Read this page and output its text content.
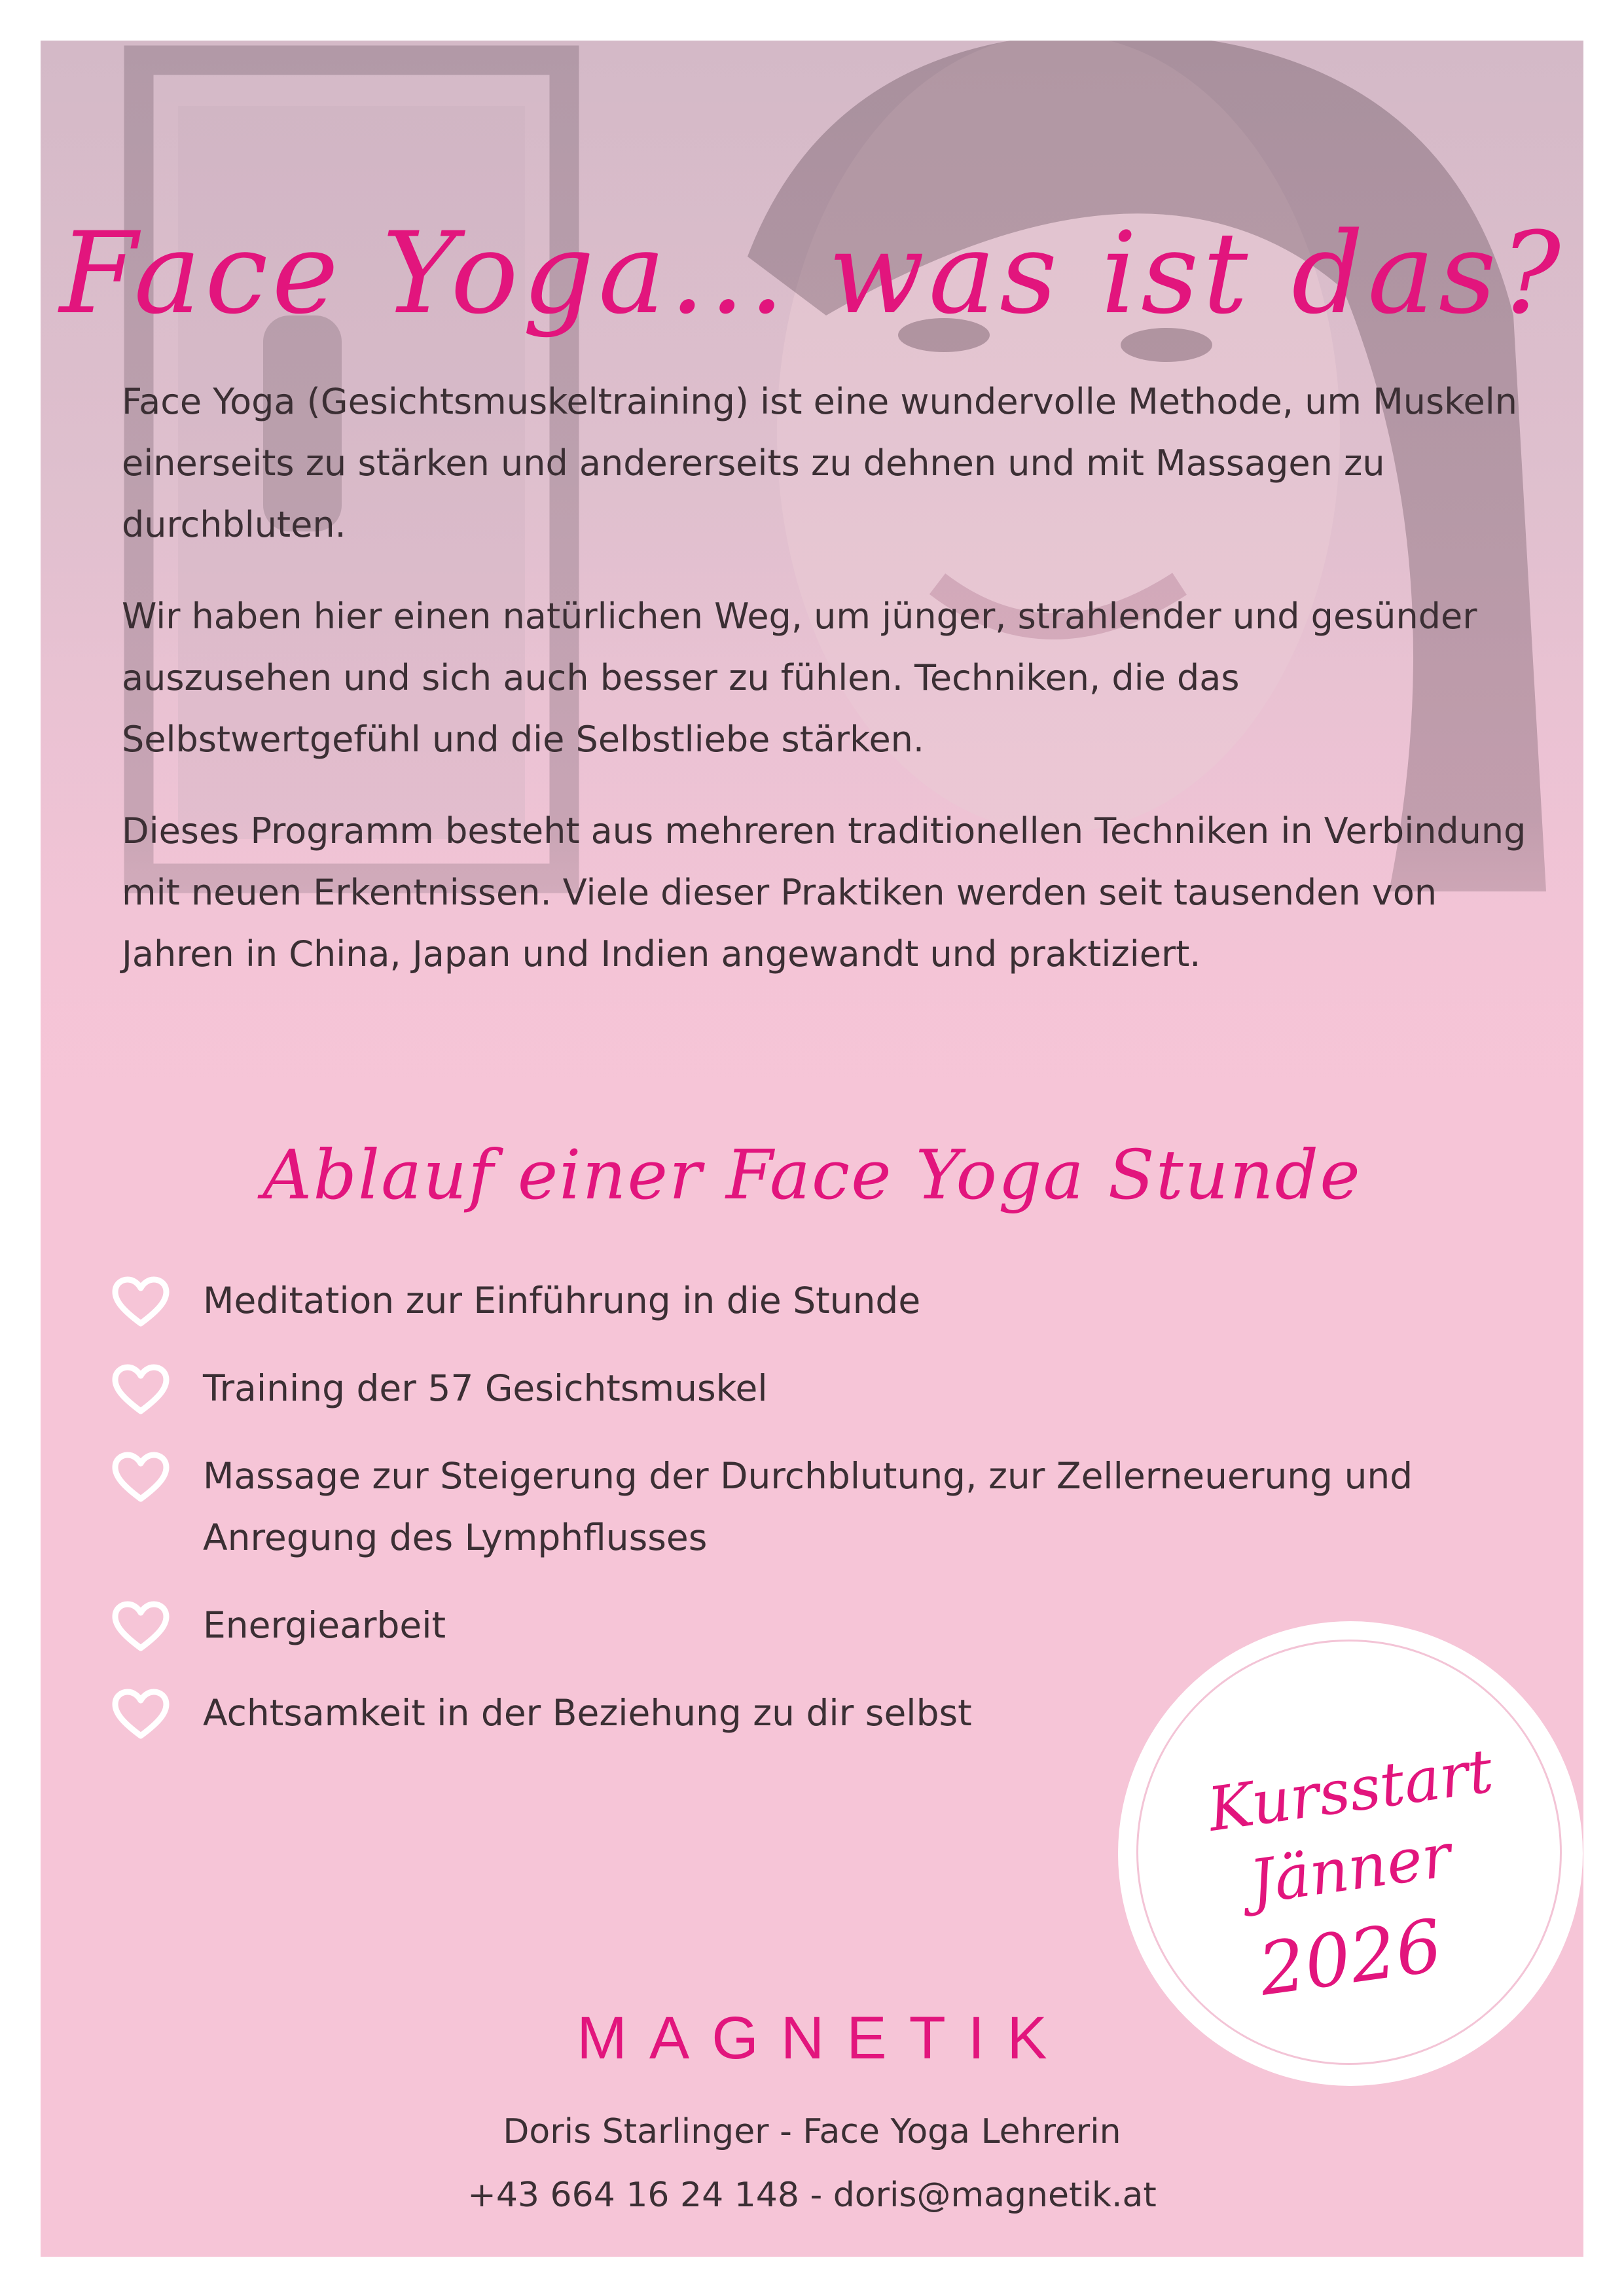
Face Yoga... was ist das?

Face Yoga (Gesichtsmuskeltraining) ist eine wundervolle Methode, um Muskeln einerseits zu stärken und andererseits zu dehnen und mit Massagen zu durchbluten.

Wir haben hier einen natürlichen Weg, um jünger, strahlender und gesünder auszusehen und sich auch besser zu fühlen. Techniken, die das Selbstwertgefühl und die Selbstliebe stärken.

Dieses Programm besteht aus mehreren traditionellen Techniken in Verbindung mit neuen Erkentnissen. Viele dieser Praktiken werden seit tausenden von Jahren in China, Japan und Indien angewandt und praktiziert.

Ablauf einer Face Yoga Stunde
Meditation zur Einführung in die Stunde
Training der 57 Gesichtsmuskel
Massage zur Steigerung der Durchblutung, zur Zellerneuerung und Anregung des Lymphflusses
Energiearbeit
Achtsamkeit in der Beziehung zu dir selbst
Kursstart
Jänner
2026
MAGNETIK
Doris Starlinger - Face Yoga Lehrerin
+43 664 16 24 148 - doris@magnetik.at
